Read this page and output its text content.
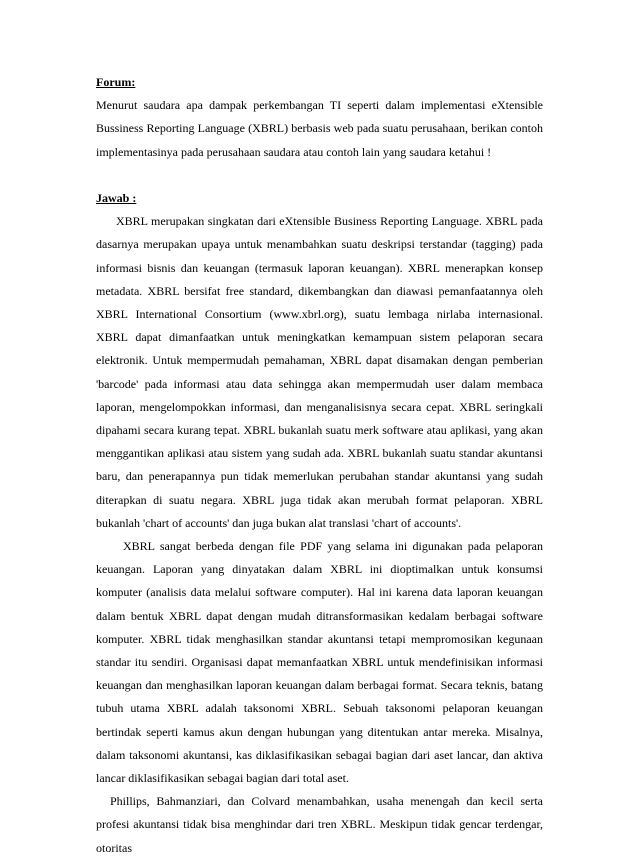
Forum:
Menurut saudara apa dampak perkembangan TI seperti dalam implementasi eXtensible Bussiness Reporting Language (XBRL) berbasis web pada suatu perusahaan, berikan contoh implementasinya pada perusahaan saudara atau contoh lain yang saudara ketahui !
Jawab :
XBRL merupakan singkatan dari eXtensible Business Reporting Language. XBRL pada dasarnya merupakan upaya untuk menambahkan suatu deskripsi terstandar (tagging) pada informasi bisnis dan keuangan (termasuk laporan keuangan). XBRL menerapkan konsep metadata. XBRL bersifat free standard, dikembangkan dan diawasi pemanfaatannya oleh XBRL International Consortium (www.xbrl.org), suatu lembaga nirlaba internasional. XBRL dapat dimanfaatkan untuk meningkatkan kemampuan sistem pelaporan secara elektronik. Untuk mempermudah pemahaman, XBRL dapat disamakan dengan pemberian 'barcode' pada informasi atau data sehingga akan mempermudah user dalam membaca laporan, mengelompokkan informasi, dan menganalisisnya secara cepat. XBRL seringkali dipahami secara kurang tepat. XBRL bukanlah suatu merk software atau aplikasi, yang akan menggantikan aplikasi atau sistem yang sudah ada. XBRL bukanlah suatu standar akuntansi baru, dan penerapannya pun tidak memerlukan perubahan standar akuntansi yang sudah diterapkan di suatu negara. XBRL juga tidak akan merubah format pelaporan. XBRL bukanlah 'chart of accounts' dan juga bukan alat translasi 'chart of accounts'.
XBRL sangat berbeda dengan file PDF yang selama ini digunakan pada pelaporan keuangan. Laporan yang dinyatakan dalam XBRL ini dioptimalkan untuk konsumsi komputer (analisis data melalui software computer). Hal ini karena data laporan keuangan dalam bentuk XBRL dapat dengan mudah ditransformasikan kedalam berbagai software komputer. XBRL tidak menghasilkan standar akuntansi tetapi mempromosikan kegunaan standar itu sendiri. Organisasi dapat memanfaatkan XBRL untuk mendefinisikan informasi keuangan dan menghasilkan laporan keuangan dalam berbagai format. Secara teknis, batang tubuh utama XBRL adalah taksonomi XBRL. Sebuah taksonomi pelaporan keuangan bertindak seperti kamus akun dengan hubungan yang ditentukan antar mereka. Misalnya, dalam taksonomi akuntansi, kas diklasifikasikan sebagai bagian dari aset lancar, dan aktiva lancar diklasifikasikan sebagai bagian dari total aset.
Phillips, Bahmanziari, dan Colvard menambahkan, usaha menengah dan kecil serta profesi akuntansi tidak bisa menghindar dari tren XBRL. Meskipun tidak gencar terdengar, otoritas
